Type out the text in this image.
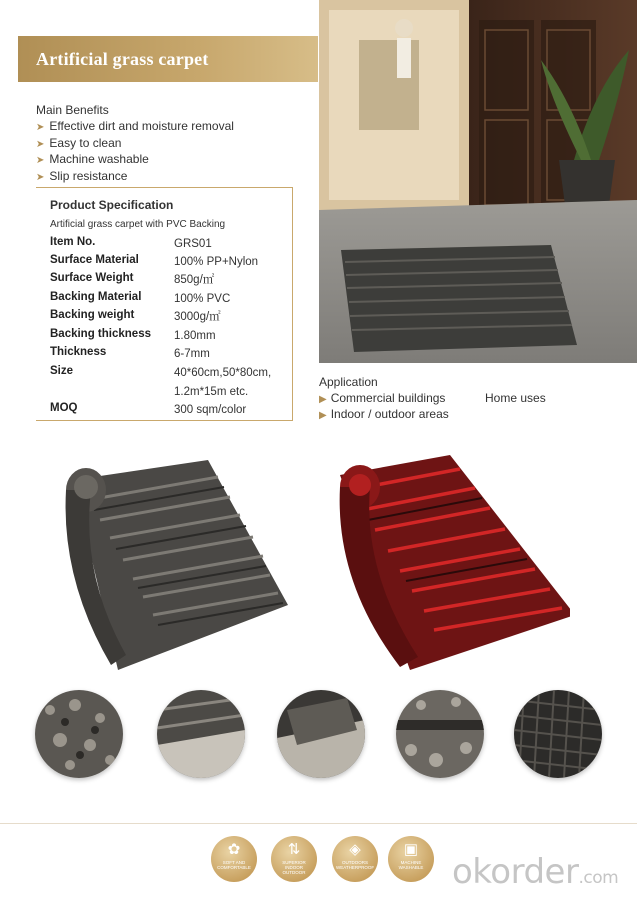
Artificial grass carpet
Main Benefits
➤ Effective dirt and moisture removal
➤ Easy to clean
➤ Machine washable
➤ Slip resistance
Product Specification
Artificial grass carpet with PVC Backing
Item No.	GRS01
Surface Material	100% PP+Nylon
Surface Weight	850g/㎡
Backing Material	100% PVC
Backing weight	3000g/㎡
Backing thickness 1.80mm
Thickness	6-7mm
Size	40*60cm,50*80cm,
1.2m*15m etc.
MOQ	300 sqm/color
Application
▶ Commercial buildings
▶ Indoor / outdoor areas
Home uses
✿
SOFT AND COMFORTABLE
⇅
SUPERIOR INDOOR OUTDOOR
◈
OUTDOORS WEATHERPROOF
▣
MACHINE WASHABLE okorder.com
